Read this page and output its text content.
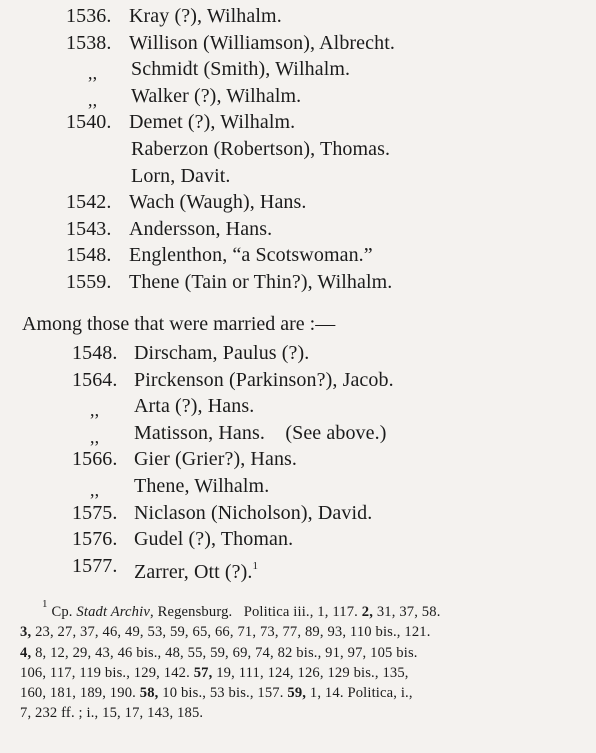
1536. Kray (?), Wilhalm.
1538. Willison (Williamson), Albrecht.
,, Schmidt (Smith), Wilhalm.
,, Walker (?), Wilhalm.
1540. Demet (?), Wilhalm.
Raberzon (Robertson), Thomas.
Lorn, Davit.
1542. Wach (Waugh), Hans.
1543. Andersson, Hans.
1548. Englenthon, “a Scotswoman.”
1559. Thene (Tain or Thin?), Wilhalm.
Among those that were married are :—
1548. Dirscham, Paulus (?).
1564. Pirckenson (Parkinson?), Jacob.
,, Arta (?), Hans.
,, Matisson, Hans.    (See above.)
1566. Gier (Grier?), Hans.
,, Thene, Wilhalm.
1575. Niclason (Nicholson), David.
1576. Gudel (?), Thoman.
1577. Zarrer, Ott (?).$^1$
$^1$ Cp. Stadt Archiv, Regensburg.   Politica iii., 1, 117. 2, 31, 37, 58.
3, 23, 27, 37, 46, 49, 53, 59, 65, 66, 71, 73, 77, 89, 93, 110 bis., 121.
4, 8, 12, 29, 43, 46 bis., 48, 55, 59, 69, 74, 82 bis., 91, 97, 105 bis.
106, 117, 119 bis., 129, 142. 57, 19, 111, 124, 126, 129 bis., 135,
160, 181, 189, 190. 58, 10 bis., 53 bis., 157. 59, 1, 14. Politica, i.,
7, 232 ff. ; i., 15, 17, 143, 185.
